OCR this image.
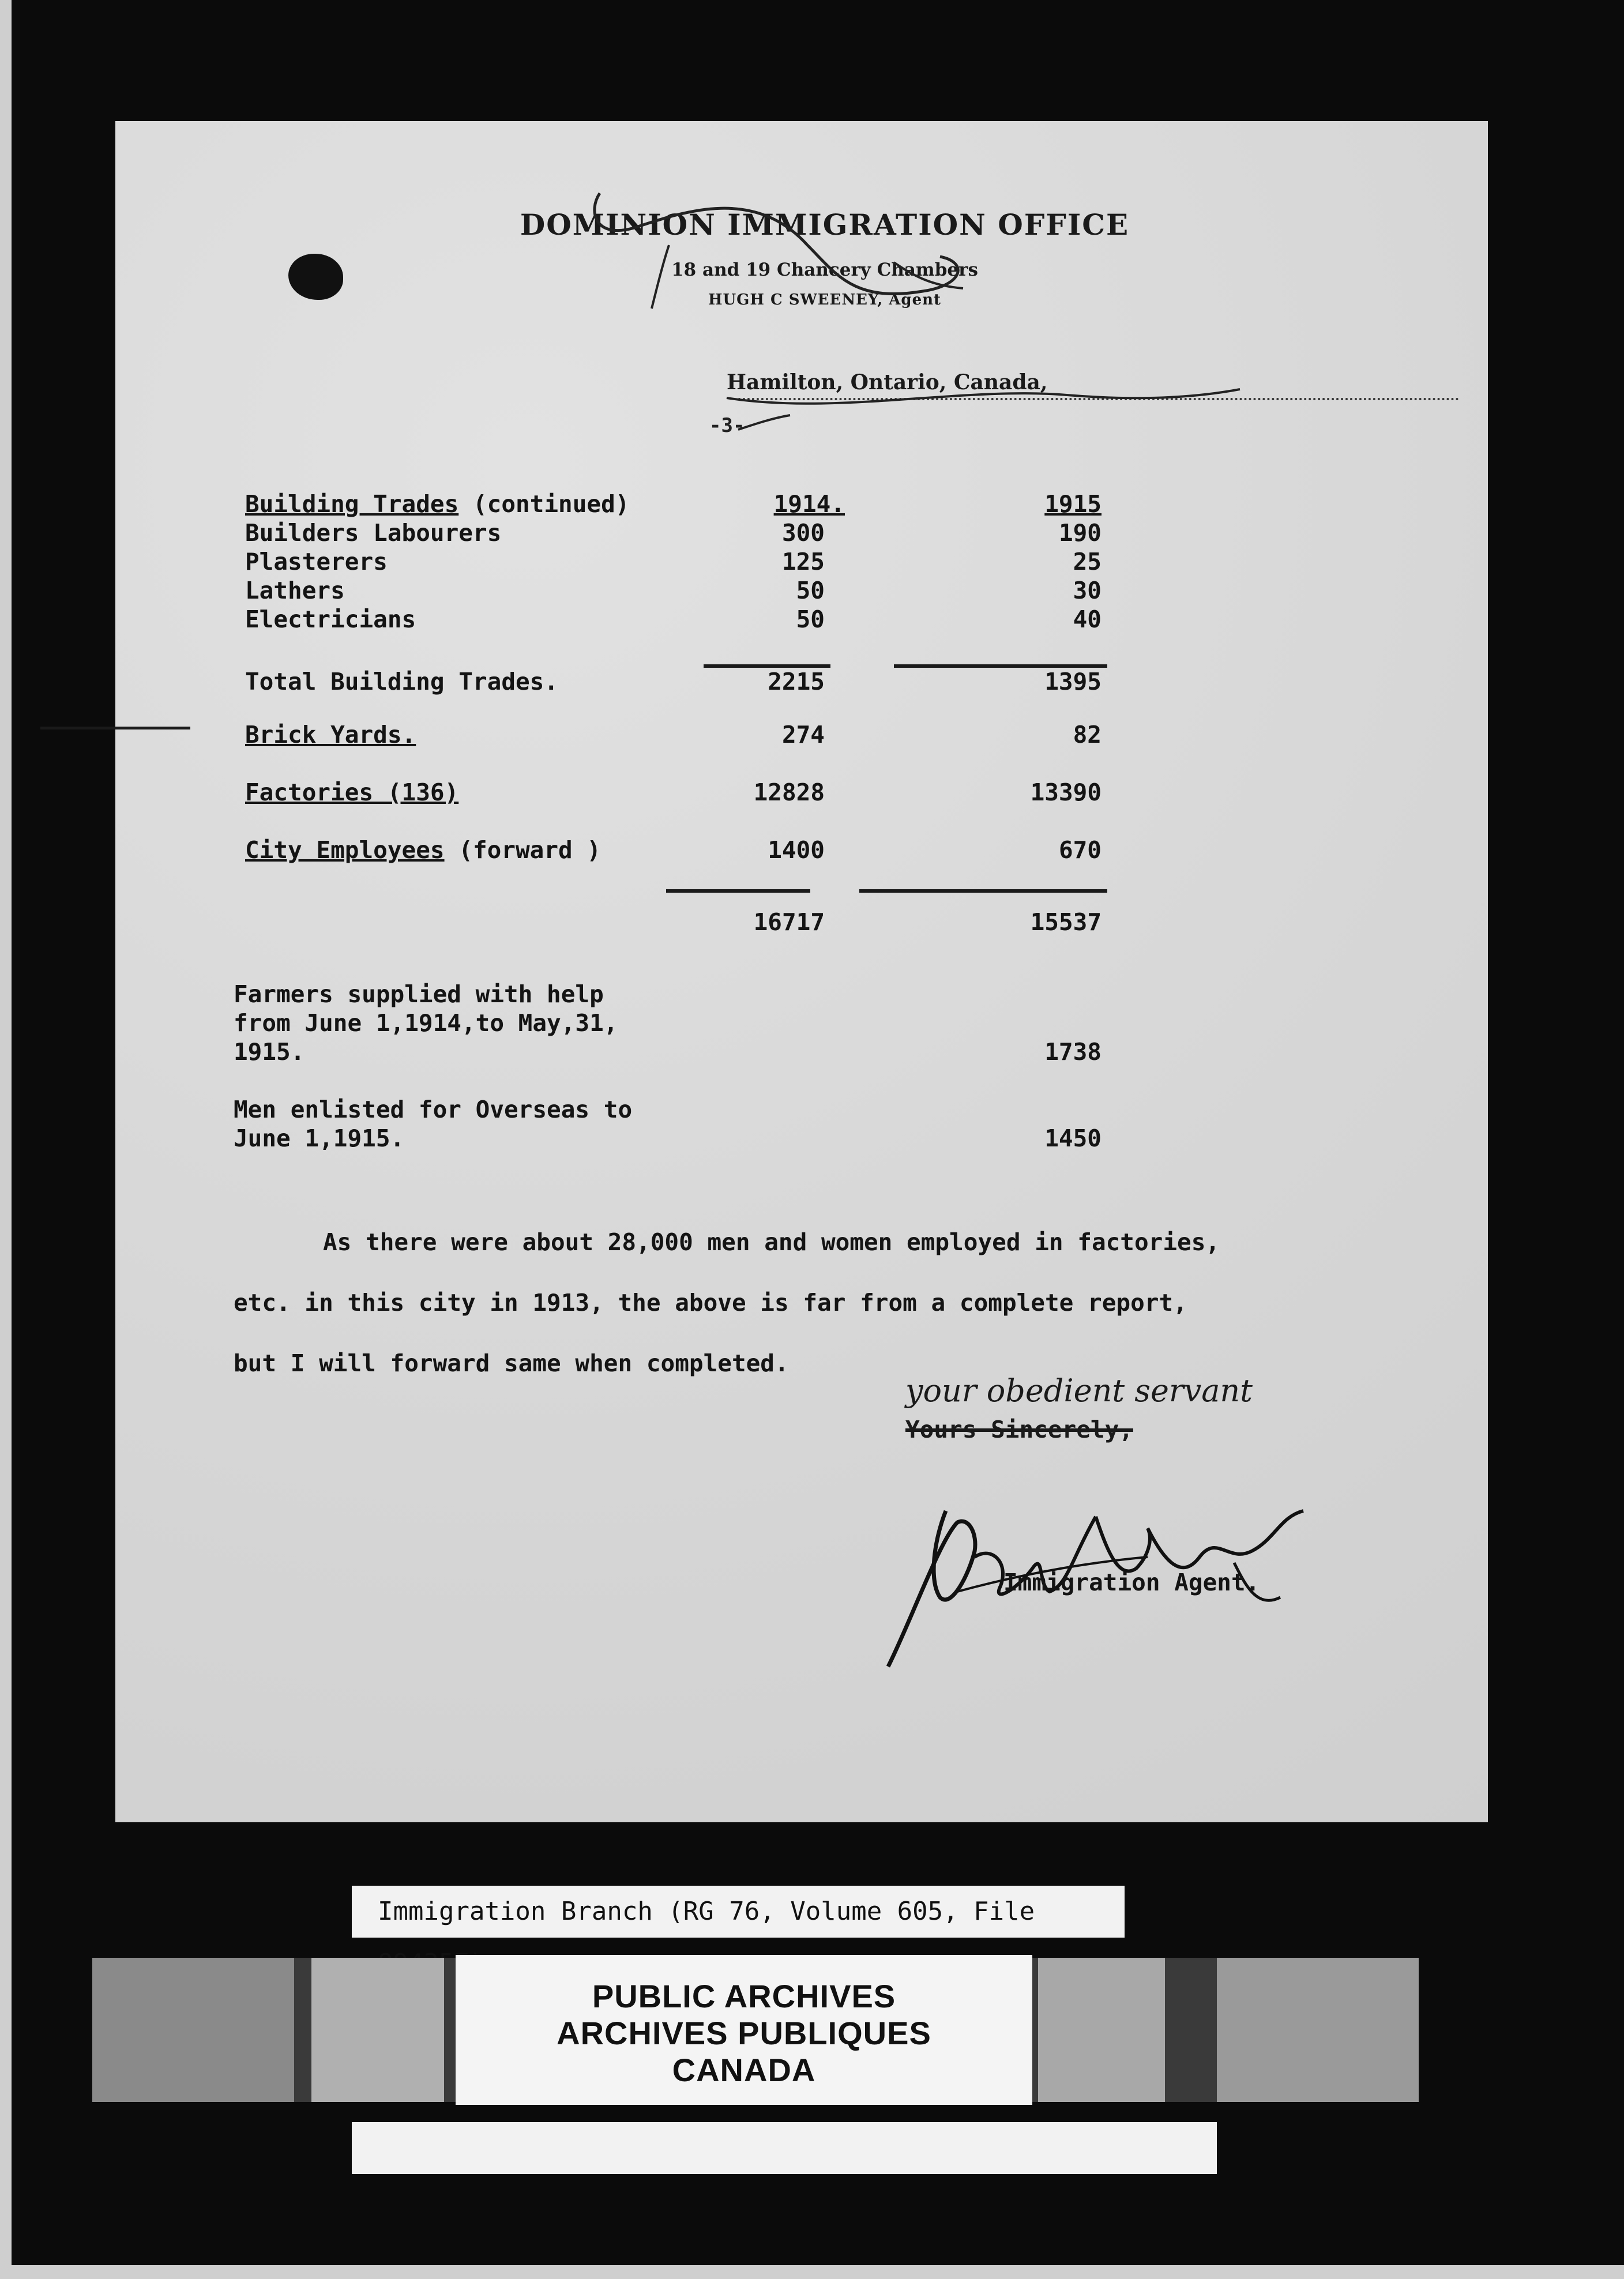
DOMINION IMMIGRATION OFFICE
18 and 19 Chancery Chambers
HUGH C SWEENEY, Agent
Hamilton, Ontario, Canada,
-3-
Building Trades (continued)	1914.	1915
Builders Labourers	300	190
Plasterers	125	25
Lathers	50	30
Electricians	50	40
Total Building Trades.	2215	1395
Brick Yards.	274	82
Factories (136)	12828	13390
City Employees (forward )	1400	670
16717	15537
Farmers supplied with help
from June 1,1914,to May,31,
1915.	1738
Men enlisted for Overseas to
June 1,1915.	1450
As there were about 28,000 men and women employed in factories,
etc. in this city in 1913, the above is far from a complete report,
but I will forward same when completed.
your obedient servant
Yours Sincerely,
Immigration Agent.
Immigration Branch (RG 76, Volume 605, File
PUBLIC ARCHIVES
ARCHIVES PUBLIQUES
CANADA
